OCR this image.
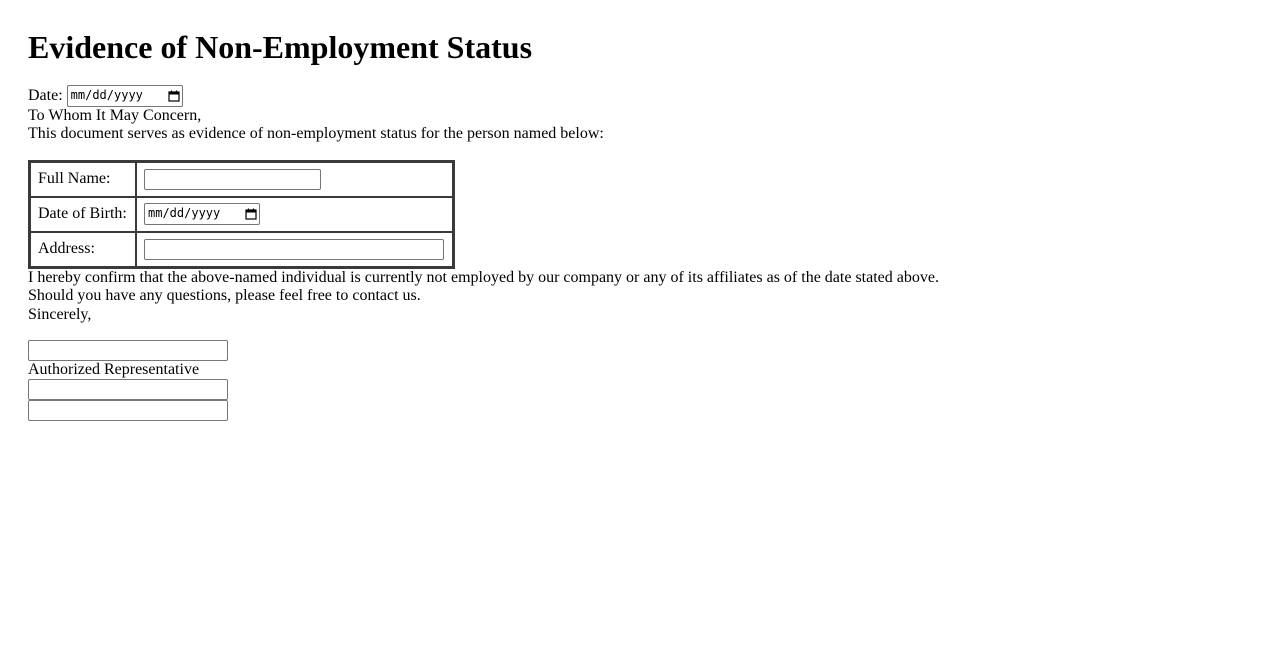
Evidence of Non-Employment Status
Date: mm/dd/yyyy

To Whom It May Concern,

This document serves as evidence of non-employment status for the person named below:

Full Name:	

Date of Birth:	mm/dd/yyyy

Address:	

I hereby confirm that the above-named individual is currently not employed by our company or any of its affiliates as of the date stated above.

Should you have any questions, please feel free to contact us.

Sincerely,

Authorized Representative
